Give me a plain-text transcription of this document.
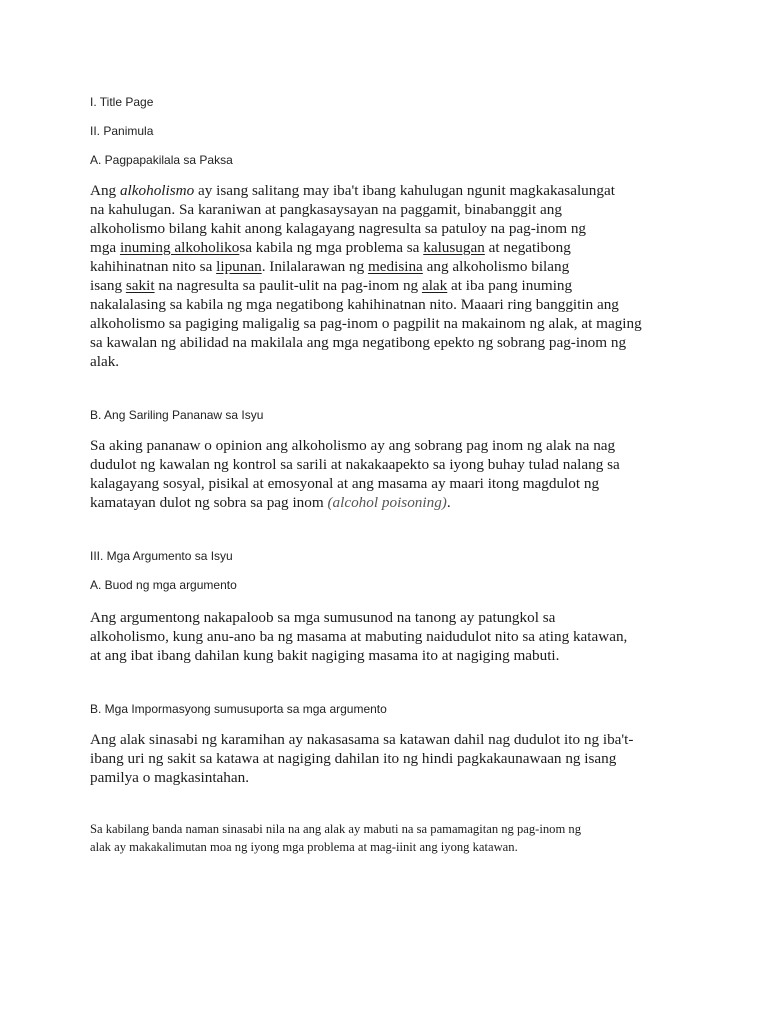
I. Title Page

II. Panimula

A. Pagpapakilala sa Paksa

Ang alkoholismo ay isang salitang may iba't ibang kahulugan ngunit magkakasalungat
na kahulugan. Sa karaniwan at pangkasaysayan na paggamit, binabanggit ang
alkoholismo bilang kahit anong kalagayang nagresulta sa patuloy na pag-inom ng
mga inuming alkoholikosa kabila ng mga problema sa kalusugan at negatibong
kahihinatnan nito sa lipunan. Inilalarawan ng medisina ang alkoholismo bilang
isang sakit na nagresulta sa paulit-ulit na pag-inom ng alak at iba pang inuming
nakalalasing sa kabila ng mga negatibong kahihinatnan nito. Maaari ring banggitin ang
alkoholismo sa pagiging maligalig sa pag-inom o pagpilit na makainom ng alak, at maging
sa kawalan ng abilidad na makilala ang mga negatibong epekto ng sobrang pag-inom ng
alak.

B. Ang Sariling Pananaw sa Isyu

Sa aking pananaw o opinion ang alkoholismo ay ang sobrang pag inom ng alak na nag
dudulot ng kawalan ng kontrol sa sarili at nakakaapekto sa iyong buhay tulad nalang sa
kalagayang sosyal, pisikal at emosyonal at ang masama ay maari itong magdulot ng
kamatayan dulot ng sobra sa pag inom (alcohol poisoning).

III. Mga Argumento sa Isyu

A. Buod ng mga argumento

Ang argumentong nakapaloob sa mga sumusunod na tanong ay patungkol sa
alkoholismo, kung anu-ano ba ng masama at mabuting naidudulot nito sa ating katawan,
at ang ibat ibang dahilan kung bakit nagiging masama ito at nagiging mabuti.

B. Mga Impormasyong sumusuporta sa mga argumento

Ang alak sinasabi ng karamihan ay nakasasama sa katawan dahil nag dudulot ito ng iba't-
ibang uri ng sakit sa katawa at nagiging dahilan ito ng hindi pagkakaunawaan ng isang
pamilya o magkasintahan.
Sa kabilang banda naman sinasabi nila na ang alak ay mabuti na sa pamamagitan ng pag-inom ng
alak ay makakalimutan moa ng iyong mga problema at mag-iinit ang iyong katawan.
